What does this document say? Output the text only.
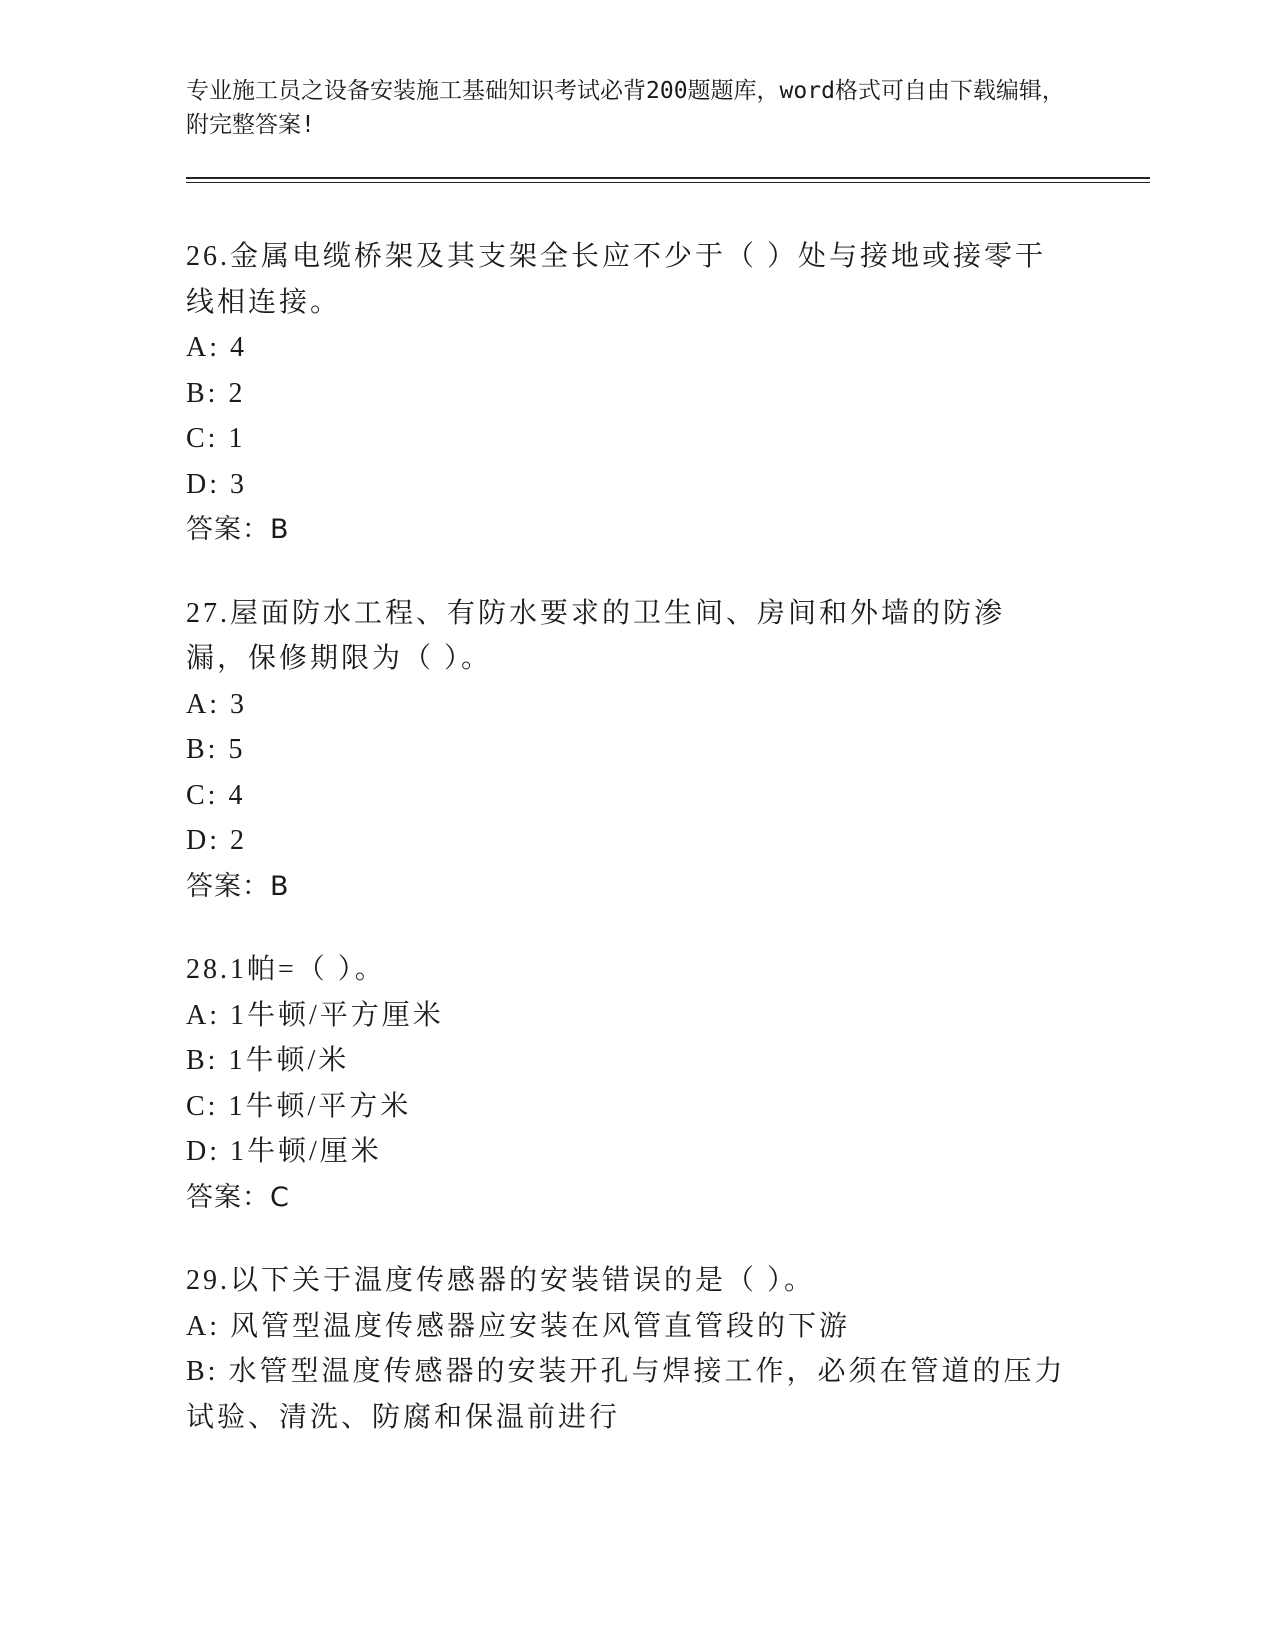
专业施工员之设备安装施工基础知识考试必背200题题库，word格式可自由下载编辑，附完整答案!
26.金属电缆桥架及其支架全长应不少于（ ）处与接地或接零干线相连接。
A: 4
B: 2
C: 1
D: 3
答案：B
27.屋面防水工程、有防水要求的卫生间、房间和外墙的防渗漏，保修期限为（ ）。
A: 3
B: 5
C: 4
D: 2
答案：B
28.1帕=（ ）。
A: 1牛顿/平方厘米
B: 1牛顿/米
C: 1牛顿/平方米
D: 1牛顿/厘米
答案：C
29.以下关于温度传感器的安装错误的是（ ）。
A: 风管型温度传感器应安装在风管直管段的下游
B: 水管型温度传感器的安装开孔与焊接工作，必须在管道的压力试验、清洗、防腐和保温前进行
